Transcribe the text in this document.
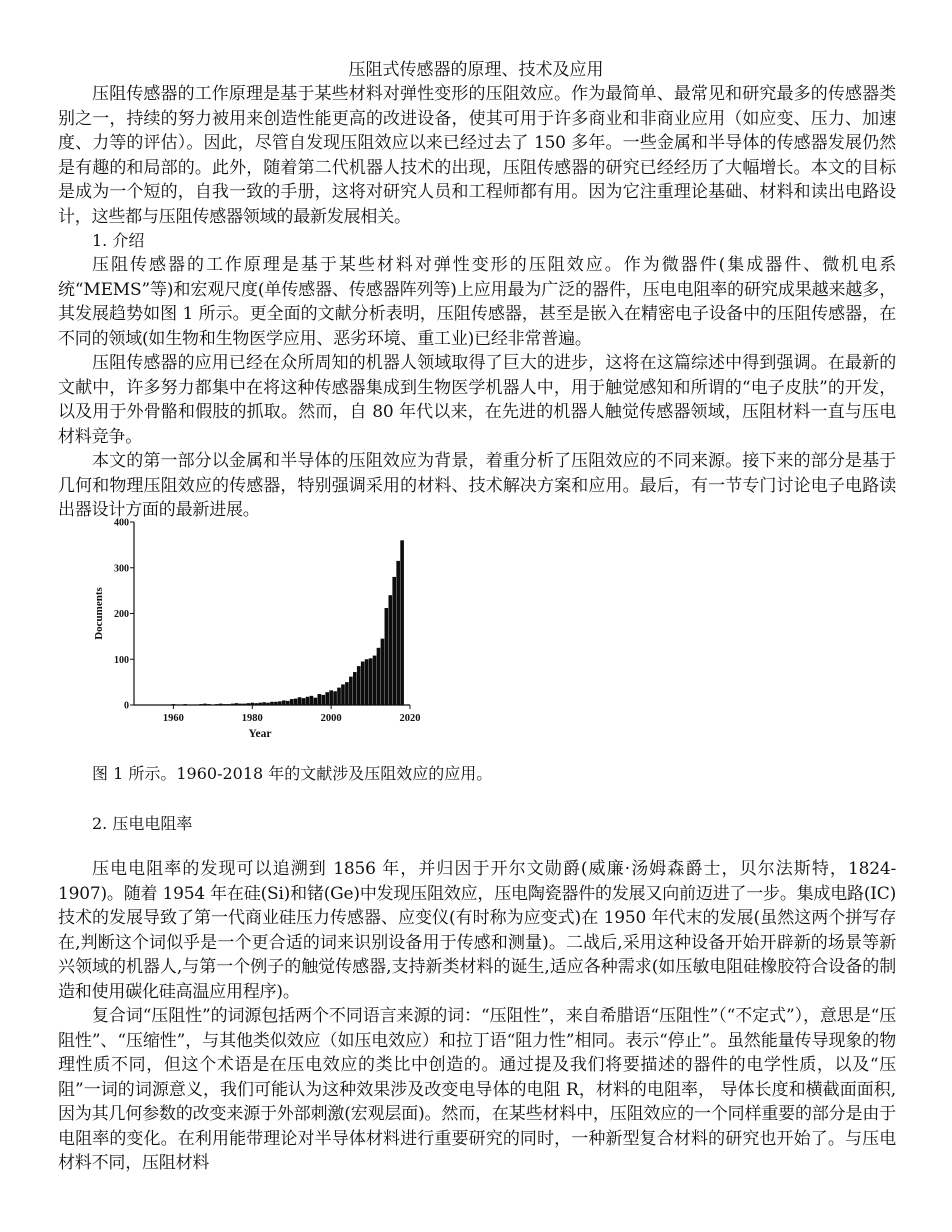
压阻式传感器的原理、技术及应用

压阻传感器的工作原理是基于某些材料对弹性变形的压阻效应。作为最简单、最常见和研究最多的传感器类别之一，持续的努力被用来创造性能更高的改进设备，使其可用于许多商业和非商业应用（如应变、压力、加速度、力等的评估）。因此，尽管自发现压阻效应以来已经过去了 150 多年。一些金属和半导体的传感器发展仍然是有趣的和局部的。此外，随着第二代机器人技术的出现，压阻传感器的研究已经经历了大幅增长。本文的目标是成为一个短的，自我一致的手册，这将对研究人员和工程师都有用。因为它注重理论基础、材料和读出电路设计，这些都与压阻传感器领域的最新发展相关。

1. 介绍

压阻传感器的工作原理是基于某些材料对弹性变形的压阻效应。作为微器件(集成器件、微机电系统“MEMS”等)和宏观尺度(单传感器、传感器阵列等)上应用最为广泛的器件，压电电阻率的研究成果越来越多，其发展趋势如图 1 所示。更全面的文献分析表明，压阻传感器，甚至是嵌入在精密电子设备中的压阻传感器，在不同的领域(如生物和生物医学应用、恶劣环境、重工业)已经非常普遍。

压阻传感器的应用已经在众所周知的机器人领域取得了巨大的进步，这将在这篇综述中得到强调。在最新的文献中，许多努力都集中在将这种传感器集成到生物医学机器人中，用于触觉感知和所谓的“电子皮肤”的开发，以及用于外骨骼和假肢的抓取。然而，自 80 年代以来，在先进的机器人触觉传感器领域，压阻材料一直与压电材料竞争。

本文的第一部分以金属和半导体的压阻效应为背景，着重分析了压阻效应的不同来源。接下来的部分是基于几何和物理压阻效应的传感器，特别强调采用的材料、技术解决方案和应用。最后，有一节专门讨论电子电路读出器设计方面的最新进展。

0
100
200
300
400
1960	1980	2000	2020
Year
Documents
图 1 所示。1960-2018 年的文献涉及压阻效应的应用。
2. 压电电阻率

压电电阻率的发现可以追溯到 1856 年，并归因于开尔文勋爵(威廉·汤姆森爵士，贝尔法斯特，1824-1907)。随着 1954 年在硅(Si)和锗(Ge)中发现压阻效应，压电陶瓷器件的发展又向前迈进了一步。集成电路(IC)技术的发展导致了第一代商业硅压力传感器、应变仪(有时称为应变式)在 1950 年代末的发展(虽然这两个拼写存在,判断这个词似乎是一个更合适的词来识别设备用于传感和测量)。二战后,采用这种设备开始开辟新的场景等新兴领域的机器人,与第一个例子的触觉传感器,支持新类材料的诞生,适应各种需求(如压敏电阻硅橡胶符合设备的制造和使用碳化硅高温应用程序)。

复合词“压阻性”的词源包括两个不同语言来源的词：“压阻性”，来自希腊语“压阻性”（“不定式”），意思是“压阻性”、“压缩性”，与其他类似效应（如压电效应）和拉丁语“阻力性”相同。表示“停止”。虽然能量传导现象的物理性质不同，但这个术语是在压电效应的类比中创造的。通过提及我们将要描述的器件的电学性质，以及“压阻”一词的词源意义，我们可能认为这种效果涉及改变电导体的电阻 R，材料的电阻率， 导体长度和横截面面积,因为其几何参数的改变来源于外部刺激(宏观层面)。然而，在某些材料中，压阻效应的一个同样重要的部分是由于电阻率的变化。在利用能带理论对半导体材料进行重要研究的同时，一种新型复合材料的研究也开始了。与压电材料不同，压阻材料
